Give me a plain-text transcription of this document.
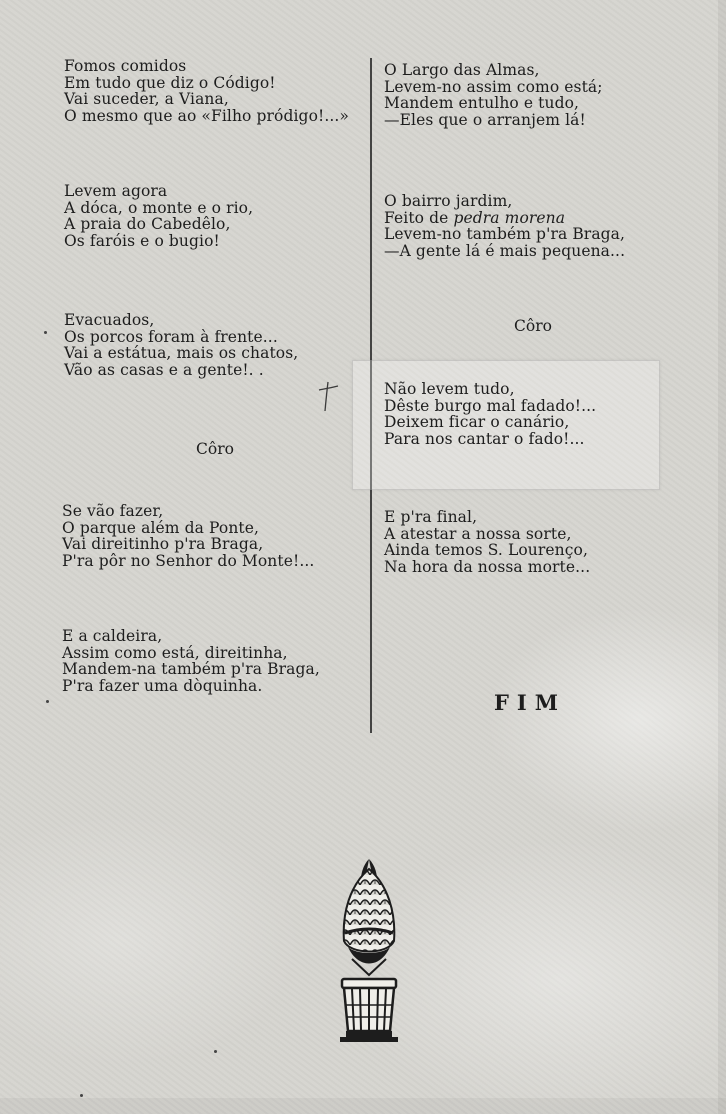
Fomos comidos
Em tudo que diz o Código!
Vai suceder, a Viana,
O mesmo que ao «Filho pródigo!...»
Levem agora
A dóca, o monte e o rio,
A praia do Cabedêlo,
Os faróis e o bugio!
Evacuados,
Os porcos foram à frente...
Vai a estátua, mais os chatos,
Vão as casas e a gente!. .
Côro
Se vão fazer,
O parque além da Ponte,
Vai direitinho p'ra Braga,
P'ra pôr no Senhor do Monte!...
E a caldeira,
Assim como está, direitinha,
Mandem-na também p'ra Braga,
P'ra fazer uma dòquinha.
O Largo das Almas,
Levem-no assim como está;
Mandem entulho e tudo,
—Eles que o arranjem lá!
O bairro jardim,
Feito de pedra morena
Levem-no também p'ra Braga,
—A gente lá é mais pequena...
Côro
Não levem tudo,
Dêste burgo mal fadado!...
Deixem ficar o canário,
Para nos cantar o fado!...
E p'ra final,
A atestar a nossa sorte,
Ainda temos S. Lourenço,
Na hora da nossa morte...
FIM
